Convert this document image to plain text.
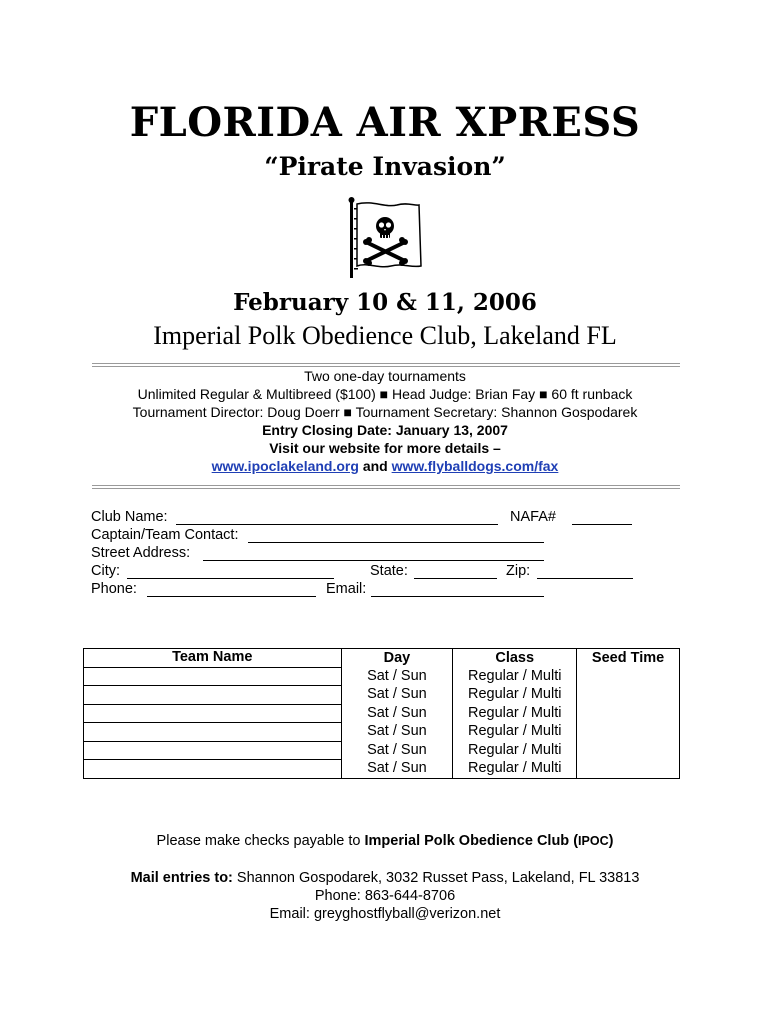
FLORIDA AIR XPRESS
“Pirate Invasion”
February 10 & 11, 2006
Imperial Polk Obedience Club, Lakeland FL
Two one-day tournaments
Unlimited Regular & Multibreed ($100) ■ Head Judge: Brian Fay ■ 60 ft runback
Tournament Director: Doug Doerr ■ Tournament Secretary: Shannon Gospodarek
Entry Closing Date: January 13, 2007
Visit our website for more details –
www.ipoclakeland.org and www.flyballdogs.com/fax
Club Name:	NAFA#
Captain/Team Contact:
Street Address:
City:	State:	Zip:
Phone:	Email:
Team Name	Day	Class	Seed Time
	Sat / Sun	Regular / Multi	
	Sat / Sun	Regular / Multi	
	Sat / Sun	Regular / Multi	
	Sat / Sun	Regular / Multi	
	Sat / Sun	Regular / Multi	
	Sat / Sun	Regular / Multi	
Please make checks payable to Imperial Polk Obedience Club (IPOC)
Mail entries to: Shannon Gospodarek, 3032 Russet Pass, Lakeland, FL 33813
Phone: 863-644-8706
Email: greyghostflyball@verizon.net
